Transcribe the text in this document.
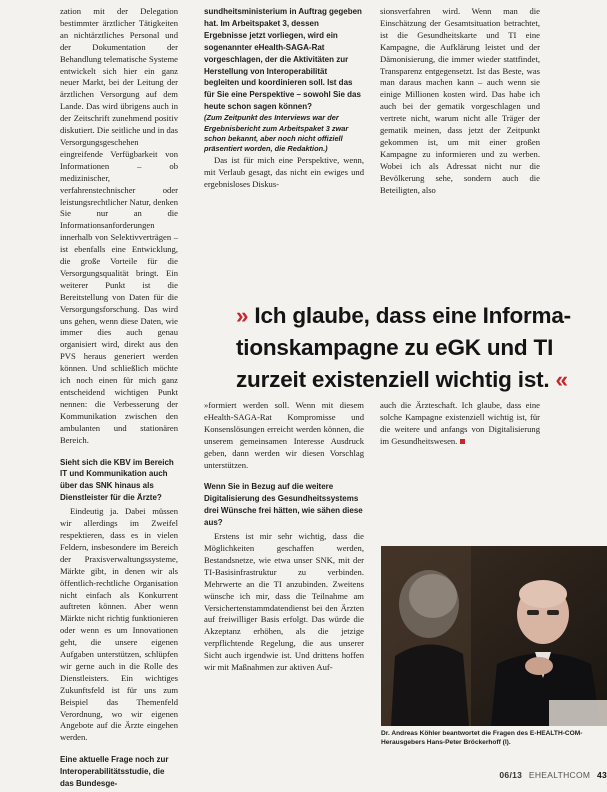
zation mit der Delegation bestimmter ärztlicher Tätigkeiten an nichtärztliches Personal und der Dokumentation der Behandlung telematische Systeme entwickelt sich hier ein ganz neuer Markt, bei der Leitung der ärztlichen Versorgung auf dem Lande. Das wird übrigens auch in der Zeitschrift zunehmend positiv diskutiert. Die seitliche und in das Versorgungsgeschehen eingreifende Verfügbarkeit von Informationen – ob medizinischer, verfahrenstechnischer oder leistungsrechtlicher Natur, denken Sie nur an die Informationsanforderungen innerhalb von Selektivverträgen – ist ebenfalls eine Entwicklung, die große Vorteile für die Versorgungsqualität bringt. Ein weiterer Punkt ist die Bereitstellung von Daten für die Versorgungsforschung. Das wird uns gehen, wenn diese Daten, wie immer dies auch genau organisiert wird, direkt aus den PVS heraus generiert werden können. Und schließlich möchte ich noch einen für mich ganz entscheidend wichtigen Punkt nennen: die Verbesserung der Kommunikation zwischen den ambulanten und stationären Bereich.

Sieht sich die KBV im Bereich IT und Kommunikation auch über das SNK hinaus als Dienstleister für die Ärzte?

Eindeutig ja. Dabei müssen wir allerdings im Zweifel respektieren, dass es in vielen Feldern, insbesondere im Bereich der Praxisverwaltungssysteme, Märkte gibt, in denen wir als öffentlich-rechtliche Organisation nicht einfach als Konkurrent auftreten können. Aber wenn Märkte nicht richtig funktionieren oder wenn es um Innovationen geht, die unsere eigenen Aufgaben unterstützen, schlüpfen wir gerne auch in die Rolle des Dienstleisters. Ein wichtiges Zukunftsfeld ist für uns zum Beispiel das Themenfeld Verordnung, wo wir eigenen Angebote auf die Ärzte eingehen werden.

Eine aktuelle Frage noch zur Interoperabilitätsstudie, die das Bundesge-
sundheitsministerium in Auftrag gegeben hat. Im Arbeitspaket 3, dessen Ergebnisse jetzt vorliegen, wird ein sogenannter eHealth-SAGA-Rat vorgeschlagen, der die Aktivitäten zur Herstellung von Interoperabilität begleiten und koordinieren soll. Ist das für Sie eine Perspektive – sowohl Sie das heute schon sagen können?
(Zum Zeitpunkt des Interviews war der Ergebnisbericht zum Arbeitspaket 3 zwar schon bekannt, aber noch nicht offiziell präsentiert worden, die Redaktion.)

Das ist für mich eine Perspektive, wenn, mit Verlaub gesagt, das nicht ein ewiges und ergebnisloses Diskus-

sionsverfahren wird. Wenn man die Einschätzung der Gesamtsituation betrachtet, ist die Gesundheitskarte und TI eine Kampagne, die Aufklärung leistet und der Dämonisierung, die immer wieder stattfindet, Transparenz entgegensetzt. Ist das Beste, was man daraus machen kann – auch wenn sie einige Millionen kosten wird. Das habe ich auch bei der gematik vorgeschlagen und vertrete nicht, warum nicht alle Träger der gematik meinen, dass jetzt der Zeitpunkt gekommen ist, um mit einer großen Kampagne zu informieren und zu werben. Wobei ich als Adressat nicht nur die Bevölkerung sehe, sondern auch die Beteiligten, also

» Ich glaube, dass eine Informa-
tionskampagne zu eGK und TI
zurzeit existenziell wichtig ist. «

»formiert werden soll. Wenn mit diesem eHealth-SAGA-Rat Kompromisse und Konsenslösungen erreicht werden können, die unserem gemeinsamen Interesse Ausdruck geben, dann werden wir diesen Vorschlag unterstützen.

Wenn Sie in Bezug auf die weitere Digitalisierung des Gesundheitssystems drei Wünsche frei hätten, wie sähen diese aus?

Erstens ist mir sehr wichtig, dass die Möglichkeiten geschaffen werden, Bestandsnetze, wie etwa unser SNK, mit der TI-Basisinfrastruktur zu verbinden. Mehrwerte an die TI anzubinden. Zweitens wünsche ich mir, dass die Teilnahme am Versichertenstammdatendienst bei den Ärzten auf freiwilliger Basis erfolgt. Das würde die Akzeptanz erhöhen, als die jetzige verpflichtende Regelung, die aus unserer Sicht auch irgendwie ist. Und drittens hoffen wir mit Maßnahmen zur aktiven Auf-

auch die Ärzteschaft. Ich glaube, dass eine solche Kampagne existenziell wichtig ist, für die weitere und anfangs von Digitalisierung im Gesundheitswesen.

Dr. Andreas Köhler beantwortet die Fragen des E-HEALTH-COM-Herausgebers Hans-Peter Bröckerhoff (l).
06/13 EHEALTHCOM 43
